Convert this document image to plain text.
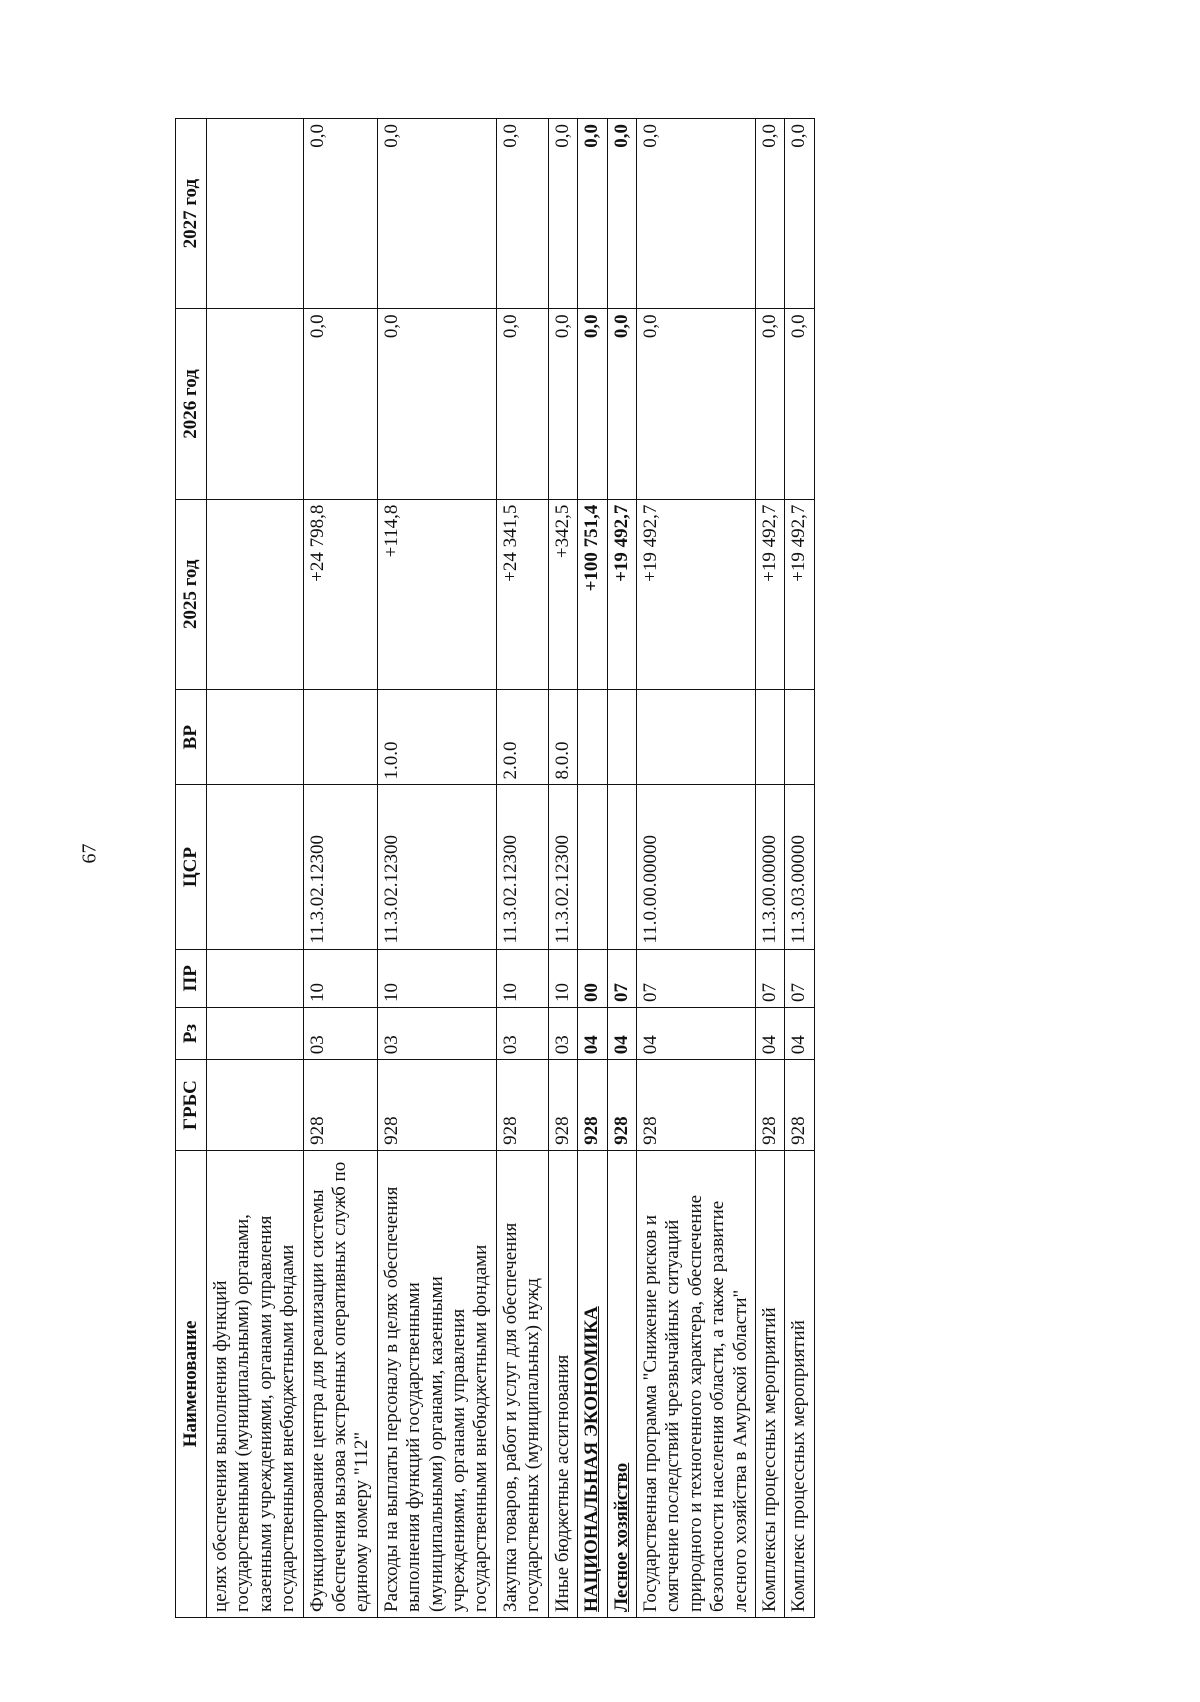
67
Наименование	ГРБС	Рз	ПР	ЦСР	ВР	2025 год	2026 год	2027 год
целях обеспечения выполнения функций государственными (муниципальными) органами, казенными учреждениями, органами управления государственными внебюджетными фондами								
Функционирование центра для реализации системы обеспечения вызова экстренных оперативных служб по единому номеру "112"	928	03	10	11.3.02.12300		+24 798,8	0,0	0,0
Расходы на выплаты персоналу в целях обеспечения выполнения функций государственными (муниципальными) органами, казенными учреждениями, органами управления государственными внебюджетными фондами	928	03	10	11.3.02.12300	1.0.0	+114,8	0,0	0,0
Закупка товаров, работ и услуг для обеспечения государственных (муниципальных) нужд	928	03	10	11.3.02.12300	2.0.0	+24 341,5	0,0	0,0
Иные бюджетные ассигнования	928	03	10	11.3.02.12300	8.0.0	+342,5	0,0	0,0
НАЦИОНАЛЬНАЯ ЭКОНОМИКА	928	04	00			+100 751,4	0,0	0,0
Лесное хозяйство	928	04	07			+19 492,7	0,0	0,0
Государственная программа "Снижение рисков и смягчение последствий чрезвычайных ситуаций природного и техногенного характера, обеспечение безопасности населения области, а также развитие лесного хозяйства в Амурской области"	928	04	07	11.0.00.00000		+19 492,7	0,0	0,0
Комплексы процессных мероприятий	928	04	07	11.3.00.00000		+19 492,7	0,0	0,0
Комплекс процессных мероприятий	928	04	07	11.3.03.00000		+19 492,7	0,0	0,0
